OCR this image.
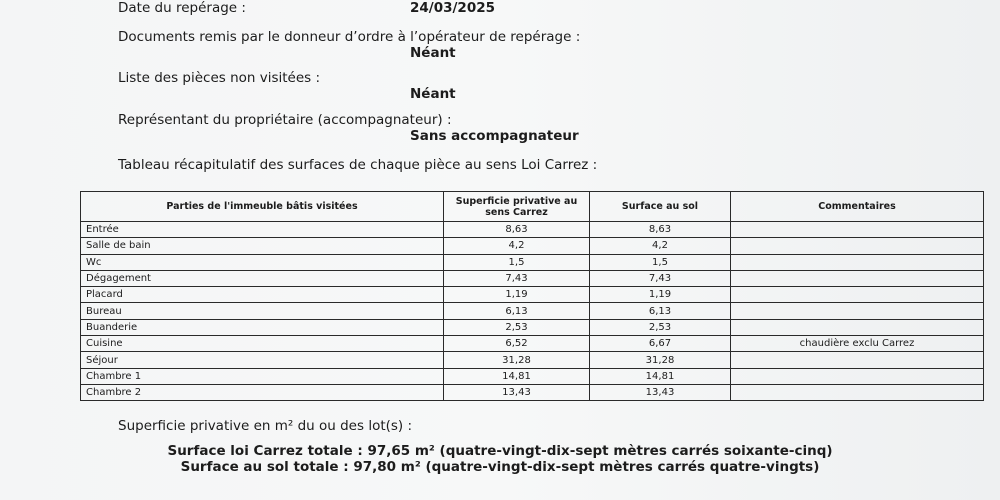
Date du repérage :	24/03/2025
Documents remis par le donneur d’ordre à l’opérateur de repérage :
Néant
Liste des pièces non visitées :
Néant
Représentant du propriétaire (accompagnateur) :
Sans accompagnateur
Tableau récapitulatif des surfaces de chaque pièce au sens Loi Carrez :
Parties de l'immeuble bâtis visitées	Superficie privative au sens Carrez	Surface au sol	Commentaires
Entrée	8,63	8,63	
Salle de bain	4,2	4,2	
Wc	1,5	1,5	
Dégagement	7,43	7,43	
Placard	1,19	1,19	
Bureau	6,13	6,13	
Buanderie	2,53	2,53	
Cuisine	6,52	6,67	chaudière exclu Carrez
Séjour	31,28	31,28	
Chambre 1	14,81	14,81	
Chambre 2	13,43	13,43	
Superficie privative en m² du ou des lot(s) :
Surface loi Carrez totale : 97,65 m² (quatre-vingt-dix-sept mètres carrés soixante-cinq)
Surface au sol totale : 97,80 m² (quatre-vingt-dix-sept mètres carrés quatre-vingts)
